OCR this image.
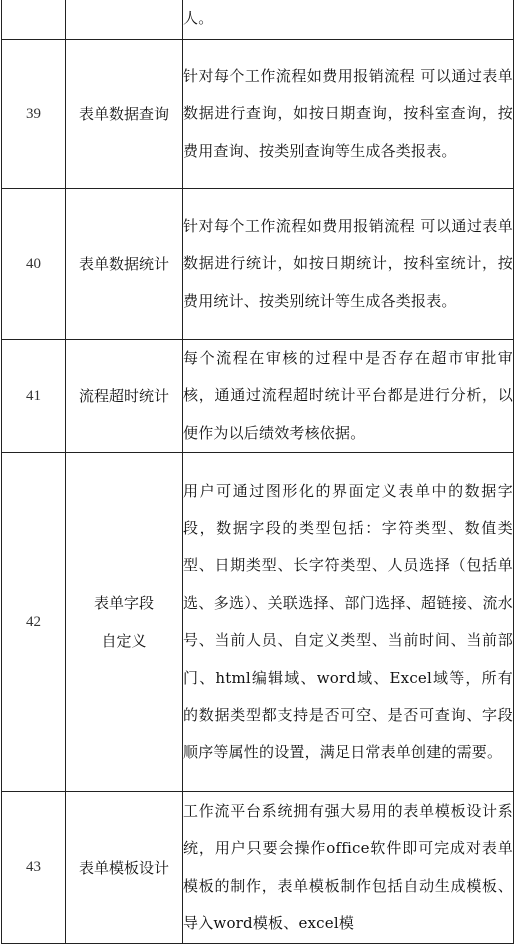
		人。
39	表单数据查询	针对每个工作流程如费用报销流程 可以通过表单数据进行查询，如按日期查询，按科室查询，按费用查询、按类别查询等生成各类报表。
40	表单数据统计	针对每个工作流程如费用报销流程 可以通过表单数据进行统计，如按日期统计，按科室统计，按费用统计、按类别统计等生成各类报表。
41	流程超时统计	每个流程在审核的过程中是否存在超市审批审核，通通过流程超时统计平台都是进行分析，以便作为以后绩效考核依据。
42	表单字段自定义	用户可通过图形化的界面定义表单中的数据字段，数据字段的类型包括：字符类型、数值类型、日期类型、长字符类型、人员选择（包括单选、多选）、关联选择、部门选择、超链接、流水号、当前人员、自定义类型、当前时间、当前部门、html编辑域、word域、Excel域等，所有的数据类型都支持是否可空、是否可查询、字段顺序等属性的设置，满足日常表单创建的需要。
43	表单模板设计	工作流平台系统拥有强大易用的表单模板设计系统，用户只要会操作office软件即可完成对表单模板的制作，表单模板制作包括自动生成模板、导入word模板、excel模
